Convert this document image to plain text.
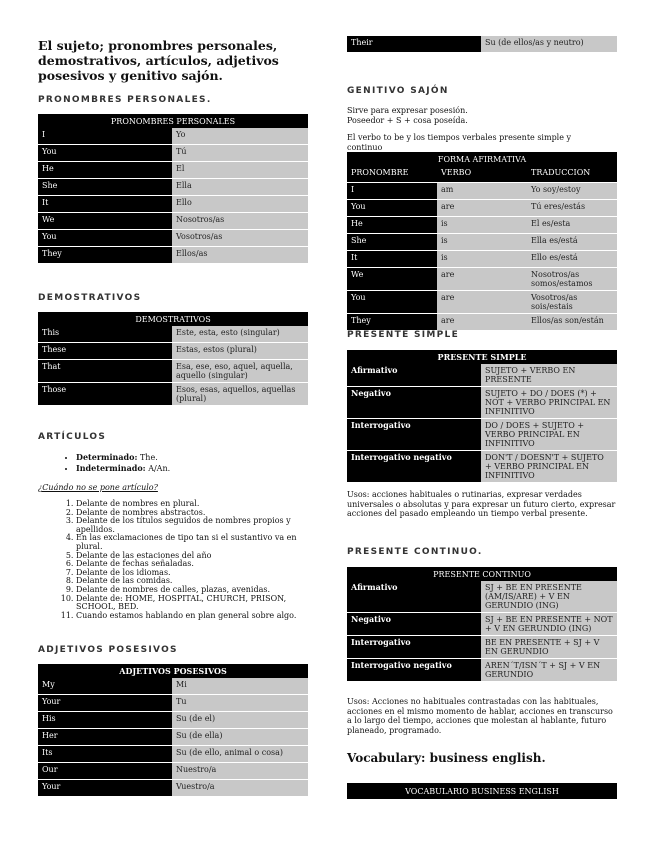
El sujeto; pronombres personales, demostrativos, artículos, adjetivos posesivos y genitivo sajón.

PRONOMBRES PERSONALES.

PRONOMBRES PERSONALES	
I	Yo
You	Tú
He	El
She	Ella
It	Ello
We	Nosotros/as
You	Vosotros/as
They	Ellos/as

DEMOSTRATIVOS

DEMOSTRATIVOS	
This	Este, esta, esto (singular)
These	Estas, estos (plural)
That	Esa, ese, eso, aquel, aquella, aquello (singular)
Those	Esos, esas, aquellos, aquellas (plural)

ARTÍCULOS

• Determinado: The.
• Indeterminado: A/An.

¿Cuándo no se pone artículo?

1. Delante de nombres en plural.
2. Delante de nombres abstractos.
3. Delante de los títulos seguidos de nombres propios y apellidos.
4. En las exclamaciones de tipo tan si el sustantivo va en plural.
5. Delante de las estaciones del año
6. Delante de fechas señaladas.
7. Delante de los idiomas.
8. Delante de las comidas.
9. Delante de nombres de calles, plazas, avenidas.
10. Delante de: HOME, HOSPITAL, CHURCH, PRISON, SCHOOL, BED.
11. Cuando estamos hablando en plan general sobre algo.

ADJETIVOS POSESIVOS

ADJETIVOS POSESIVOS	
My	Mi
Your	Tu
His	Su (de el)
Her	Su (de ella)
Its	Su (de ello, animal o cosa)
Our	Nuestro/a
Your	Vuestro/a
Their	Su (de ellos/as y neutro)

GENITIVO SAJÓN

Sirve para expresar posesión.

Poseedor + S + cosa poseída.

El verbo to be y los tiempos verbales presente simple y continuo

FORMA AFIRMATIVA		
PRONOMBRE	VERBO	TRADUCCION
I	am	Yo soy/estoy
You	are	Tú eres/estás
He	is	El es/esta
She	is	Ella es/está
It	is	Ello es/está
We	are	Nosotros/as somos/estamos
You	are	Vosotros/as sois/estais
They	are	Ellos/as son/están

PRESENTE SIMPLE

PRESENTE SIMPLE	
Afirmativo	SUJETO + VERBO EN PRESENTE
Negativo	SUJETO + DO / DOES (*) + NOT + VERBO PRINCIPAL EN INFINITIVO
Interrogativo	DO / DOES + SUJETO + VERBO PRINCIPAL EN INFINITIVO
Interrogativo negativo	DON'T / DOESN'T + SUJETO + VERBO PRINCIPAL EN INFINITIVO

Usos: acciones habituales o rutinarias, expresar verdades universales o absolutas y para expresar un futuro cierto, expresar acciones del pasado empleando un tiempo verbal presente.

PRESENTE CONTINUO.

PRESENTE CONTINUO	
Afirmativo	SJ + BE EN PRESENTE (AM/IS/ARE) + V EN GERUNDIO (ING)
Negativo	SJ + BE EN PRESENTE + NOT + V EN GERUNDIO (ING)
Interrogativo	BE EN PRESENTE + SJ + V EN GERUNDIO
Interrogativo negativo	AREN´T/ISN´T + SJ + V EN GERUNDIO

Usos: Acciones no habituales contrastadas con las habituales, acciones en el mismo momento de hablar, acciones en transcurso a lo largo del tiempo, acciones que molestan al hablante, futuro planeado, programado.

Vocabulary: business english.
VOCABULARIO BUSINESS ENGLISH
